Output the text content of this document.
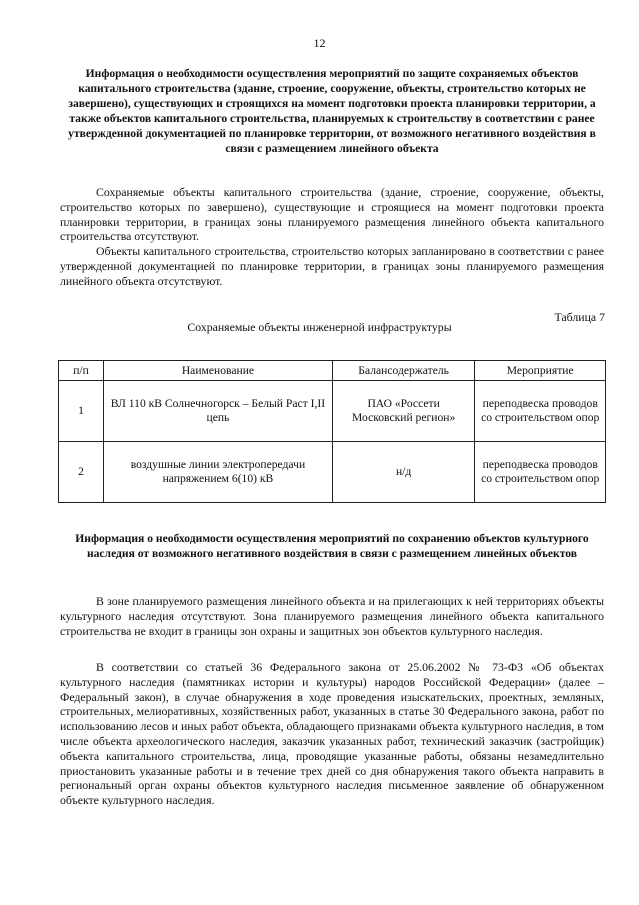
12
Информация о необходимости осуществления мероприятий по защите сохраняемых объектов капитального строительства (здание, строение, сооружение, объекты, строительство которых не завершено), существующих и строящихся на момент подготовки проекта планировки территории, а также объектов капитального строительства, планируемых к строительству в соответствии с ранее утвержденной документацией по планировке территории, от возможного негативного воздействия в связи с размещением линейного объекта
Сохраняемые объекты капитального строительства (здание, строение, сооружение, объекты, строительство которых по завершено), существующие и строящиеся на момент подготовки проекта планировки территории, в границах зоны планируемого размещения линейного объекта капитального строительства отсутствуют.
Объекты капитального строительства, строительство которых запланировано в соответствии с ранее утвержденной документацией по планировке территории, в границах зоны планируемого размещения линейного объекта отсутствуют.
Таблица 7
Сохраняемые объекты инженерной инфраструктуры
п/п	Наименование	Балансодержатель	Мероприятие
1	ВЛ 110 кВ Солнечногорск – Белый Раст I,II цепь	ПАО «Россети Московский регион»	переподвеска проводов со строительством опор
2	воздушные линии электропередачи напряжением 6(10) кВ	н/д	переподвеска проводов со строительством опор
Информация о необходимости осуществления мероприятий по сохранению объектов культурного наследия от возможного негативного воздействия в связи с размещением линейных объектов
В зоне планируемого размещения линейного объекта и на прилегающих к ней территориях объекты культурного наследия отсутствуют. Зона планируемого размещения линейного объекта капитального строительства не входит в границы зон охраны и защитных зон объектов культурного наследия.
В соответствии со статьей 36 Федерального закона от 25.06.2002 № 73-ФЗ «Об объектах культурного наследия (памятниках истории и культуры) народов Российской Федерации» (далее – Федеральный закон), в случае обнаружения в ходе проведения изыскательских, проектных, земляных, строительных, мелиоративных, хозяйственных работ, указанных в статье 30 Федерального закона, работ по использованию лесов и иных работ объекта, обладающего признаками объекта культурного наследия, в том числе объекта археологического наследия, заказчик указанных работ, технический заказчик (застройщик) объекта капитального строительства, лица, проводящие указанные работы, обязаны незамедлительно приостановить указанные работы и в течение трех дней со дня обнаружения такого объекта направить в региональный орган охраны объектов культурного наследия письменное заявление об обнаруженном объекте культурного наследия.
